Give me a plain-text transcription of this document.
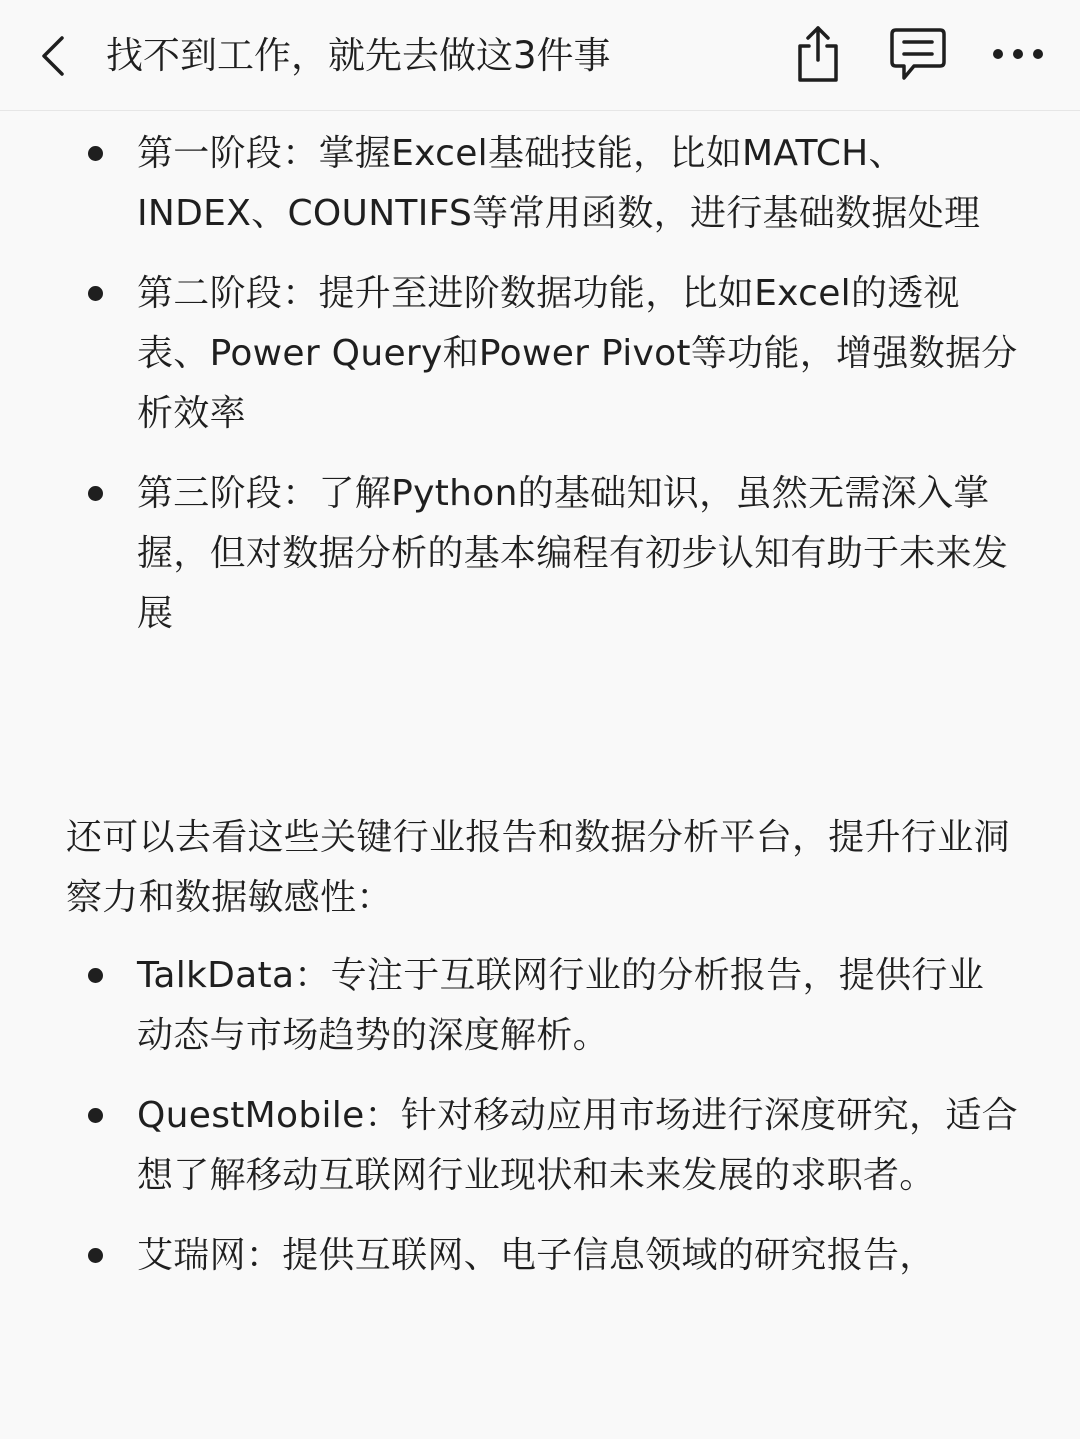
找不到工作，就先去做这3件事
第一阶段：掌握Excel基础技能，比如MATCH、INDEX、COUNTIFS等常用函数，进行基础数据处理
第二阶段：提升至进阶数据功能，比如Excel的透视表、Power Query和Power Pivot等功能，增强数据分析效率
第三阶段：了解Python的基础知识，虽然无需深入掌握，但对数据分析的基本编程有初步认知有助于未来发展
还可以去看这些关键行业报告和数据分析平台，提升行业洞察力和数据敏感性：
TalkData：专注于互联网行业的分析报告，提供行业动态与市场趋势的深度解析。
QuestMobile：针对移动应用市场进行深度研究，适合想了解移动互联网行业现状和未来发展的求职者。
艾瑞网：提供互联网、电子信息领域的研究报告，
